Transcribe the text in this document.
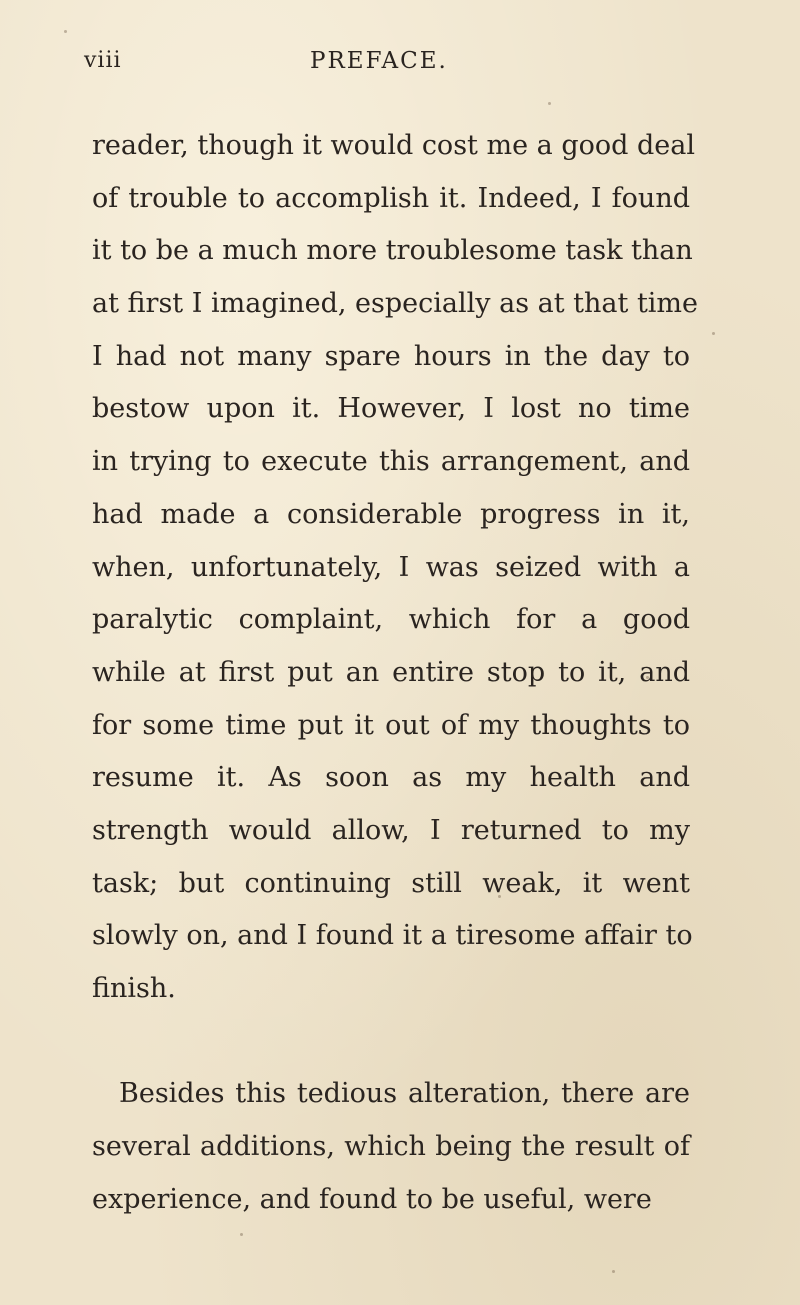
viii	PREFACE.
reader, though it would cost me a good deal
of trouble to accomplish it. Indeed, I found
it to be a much more troublesome task than
at first I imagined, especially as at that time
I had not many spare hours in the day to
bestow upon it. However, I lost no time
in trying to execute this arrangement, and
had made a considerable progress in it,
when, unfortunately, I was seized with a
paralytic complaint, which for a good
while at first put an entire stop to it, and
for some time put it out of my thoughts to
resume it. As soon as my health and
strength would allow, I returned to my
task; but continuing still weak, it went
slowly on, and I found it a tiresome affair to
finish.
Besides this tedious alteration, there are
several additions, which being the result of
experience, and found to be useful, were
